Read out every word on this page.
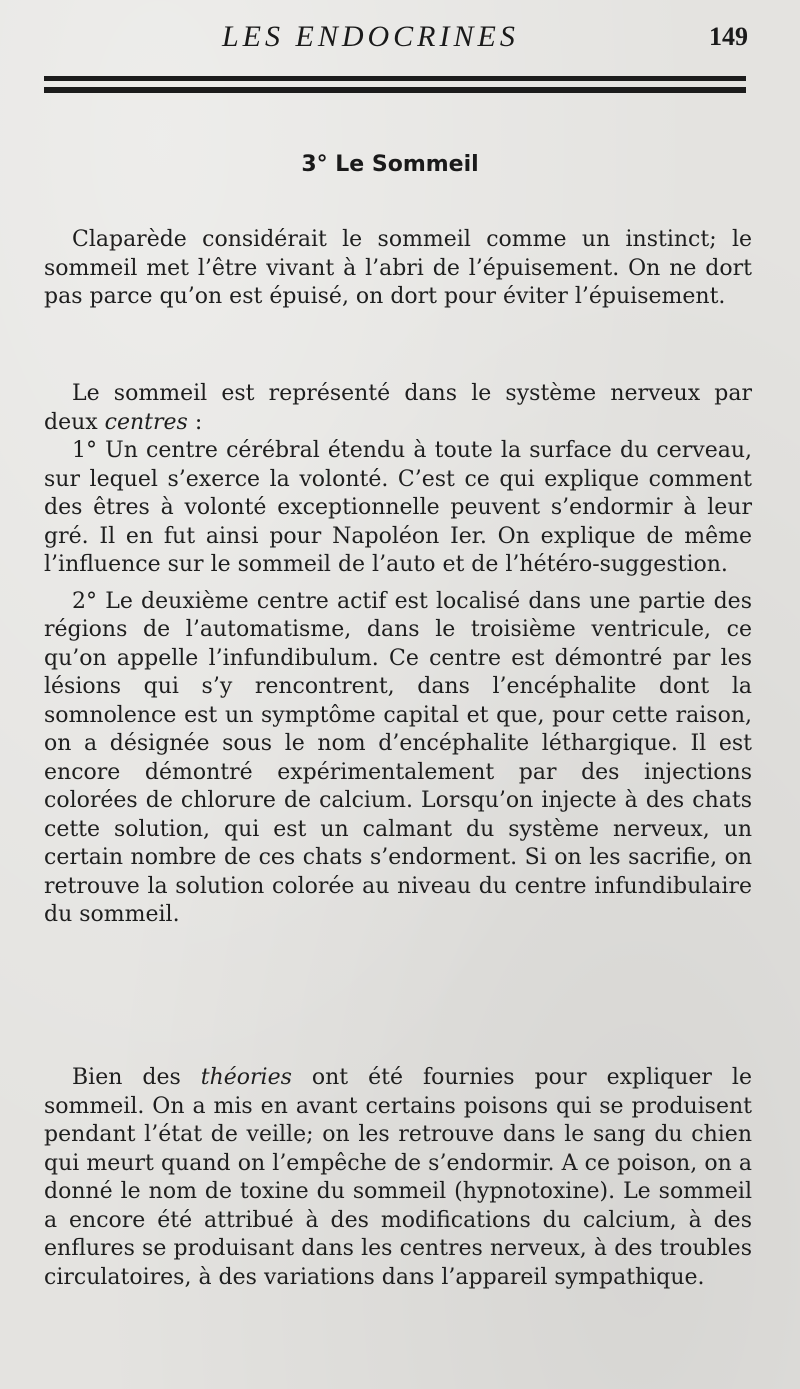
LES ENDOCRINES	149
3° Le Sommeil

Claparède considérait le sommeil comme un instinct; le sommeil met l’être vivant à l’abri de l’épuisement. On ne dort pas parce qu’on est épuisé, on dort pour éviter l’épuisement.

Le sommeil est représenté dans le système nerveux par deux centres :

1° Un centre cérébral étendu à toute la surface du cerveau, sur lequel s’exerce la volonté. C’est ce qui explique comment des êtres à volonté exceptionnelle peuvent s’endormir à leur gré. Il en fut ainsi pour Napoléon Ier. On explique de même l’influence sur le sommeil de l’auto et de l’hétéro-suggestion.

2° Le deuxième centre actif est localisé dans une partie des régions de l’automatisme, dans le troisième ventricule, ce qu’on appelle l’infundibulum. Ce centre est démontré par les lésions qui s’y rencontrent, dans l’encéphalite dont la somnolence est un symptôme capital et que, pour cette raison, on a désignée sous le nom d’encéphalite léthargique. Il est encore démontré expérimentalement par des injections colorées de chlorure de calcium. Lorsqu’on injecte à des chats cette solution, qui est un calmant du système nerveux, un certain nombre de ces chats s’endorment. Si on les sacrifie, on retrouve la solution colorée au niveau du centre infundibulaire du sommeil.

Bien des théories ont été fournies pour expliquer le sommeil. On a mis en avant certains poisons qui se produisent pendant l’état de veille; on les retrouve dans le sang du chien qui meurt quand on l’empêche de s’endormir. A ce poison, on a donné le nom de toxine du sommeil (hypnotoxine). Le sommeil a encore été attribué à des modifications du calcium, à des enflures se produisant dans les centres nerveux, à des troubles circulatoires, à des variations dans l’appareil sympathique.
